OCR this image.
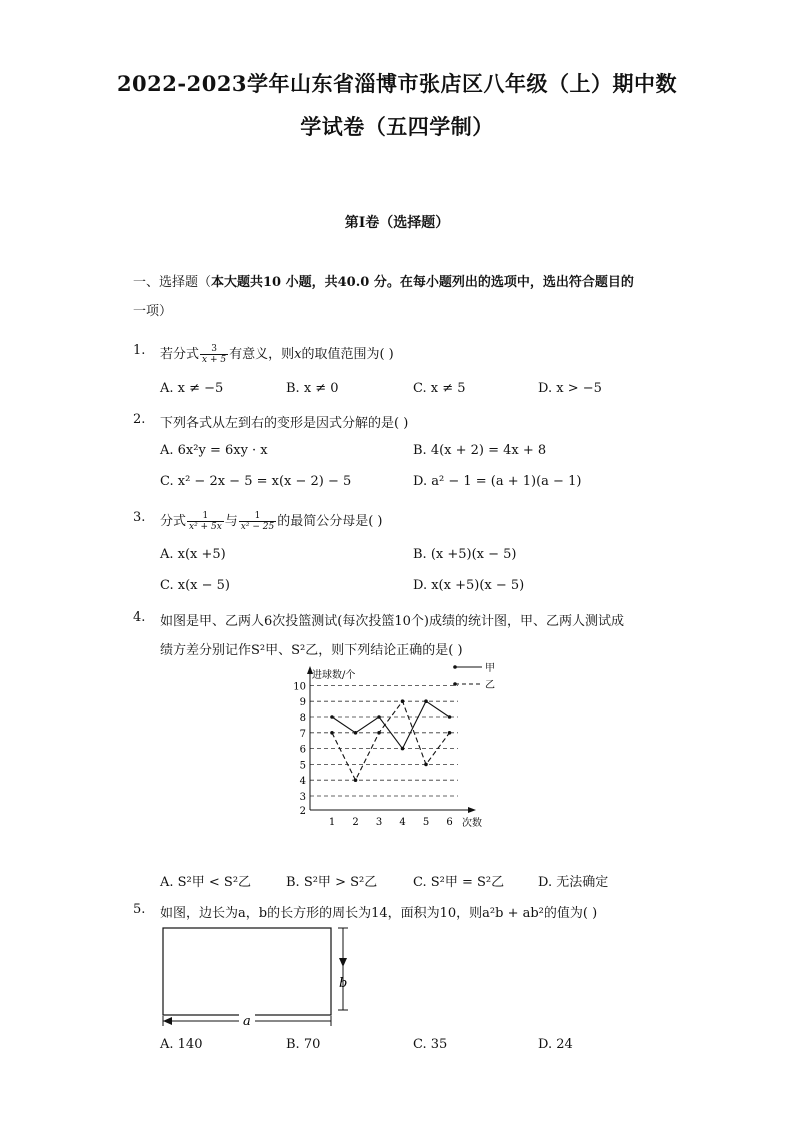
2022-2023学年山东省淄博市张店区八年级（上）期中数
学试卷（五四学制）
第I卷（选择题）
一、选择题（本大题共10 小题，共40.0 分。在每小题列出的选项中，选出符合题目的
一项）
1.	若分式 $\frac{3}{x + 5}$ 有意义，则x的取值范围为( )
A. x ≠ −5	B. x ≠ 0	C. x ≠ 5	D. x > −5
2.	下列各式从左到右的变形是因式分解的是( )
A. 6x²y = 6xy · x	B. 4(x + 2) = 4x + 8
C. x² − 2x − 5 = x(x − 2) − 5	D. a² − 1 = (a + 1)(a − 1)
3.	分式 $\frac{1}{\text{x² + 5x}}$ 与 $\frac{1}{\text{x² − 25}}$ 的最简公分母是( )
A. x(x +5)	B. (x +5)(x − 5)
C. x(x − 5)	D. x(x +5)(x − 5)
4.	如图是甲、乙两人6次投篮测试(每次投篮10个)成绩的统计图，甲、乙两人测试成
绩方差分别记作S²甲、S²乙，则下列结论正确的是( )
进球数/个
次数
2
3
4
5
6
7
8
9
10
1 2 3 4 5 6
甲
乙
A. S²甲 < S²乙	B. S²甲 > S²乙	C. S²甲 = S²乙	D. 无法确定
5.	如图，边长为a，b的长方形的周长为14，面积为10，则a²b + ab²的值为( )
b
a
A. 140	B. 70	C. 35	D. 24
